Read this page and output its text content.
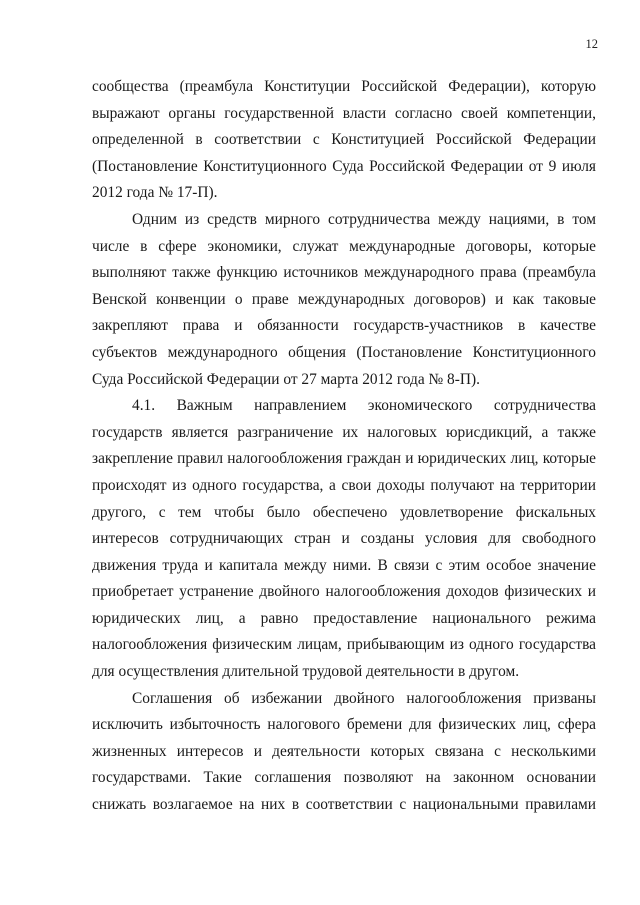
12

сообщества (преамбула Конституции Российской Федерации), которую выражают органы государственной власти согласно своей компетенции, определенной в соответствии с Конституцией Российской Федерации (Постановление Конституционного Суда Российской Федерации от 9 июля 2012 года № 17-П).

Одним из средств мирного сотрудничества между нациями, в том числе в сфере экономики, служат международные договоры, которые выполняют также функцию источников международного права (преамбула Венской конвенции о праве международных договоров) и как таковые закрепляют права и обязанности государств-участников в качестве субъектов международного общения (Постановление Конституционного Суда Российской Федерации от 27 марта 2012 года № 8-П).

4.1. Важным направлением экономического сотрудничества государств является разграничение их налоговых юрисдикций, а также закрепление правил налогообложения граждан и юридических лиц, которые происходят из одного государства, а свои доходы получают на территории другого, с тем чтобы было обеспечено удовлетворение фискальных интересов сотрудничающих стран и созданы условия для свободного движения труда и капитала между ними. В связи с этим особое значение приобретает устранение двойного налогообложения доходов физических и юридических лиц, а равно предоставление национального режима налогообложения физическим лицам, прибывающим из одного государства для осуществления длительной трудовой деятельности в другом.

Соглашения об избежании двойного налогообложения призваны исключить избыточность налогового бремени для физических лиц, сфера жизненных интересов и деятельности которых связана с несколькими государствами. Такие соглашения позволяют на законном основании снижать возлагаемое на них в соответствии с национальными правилами
